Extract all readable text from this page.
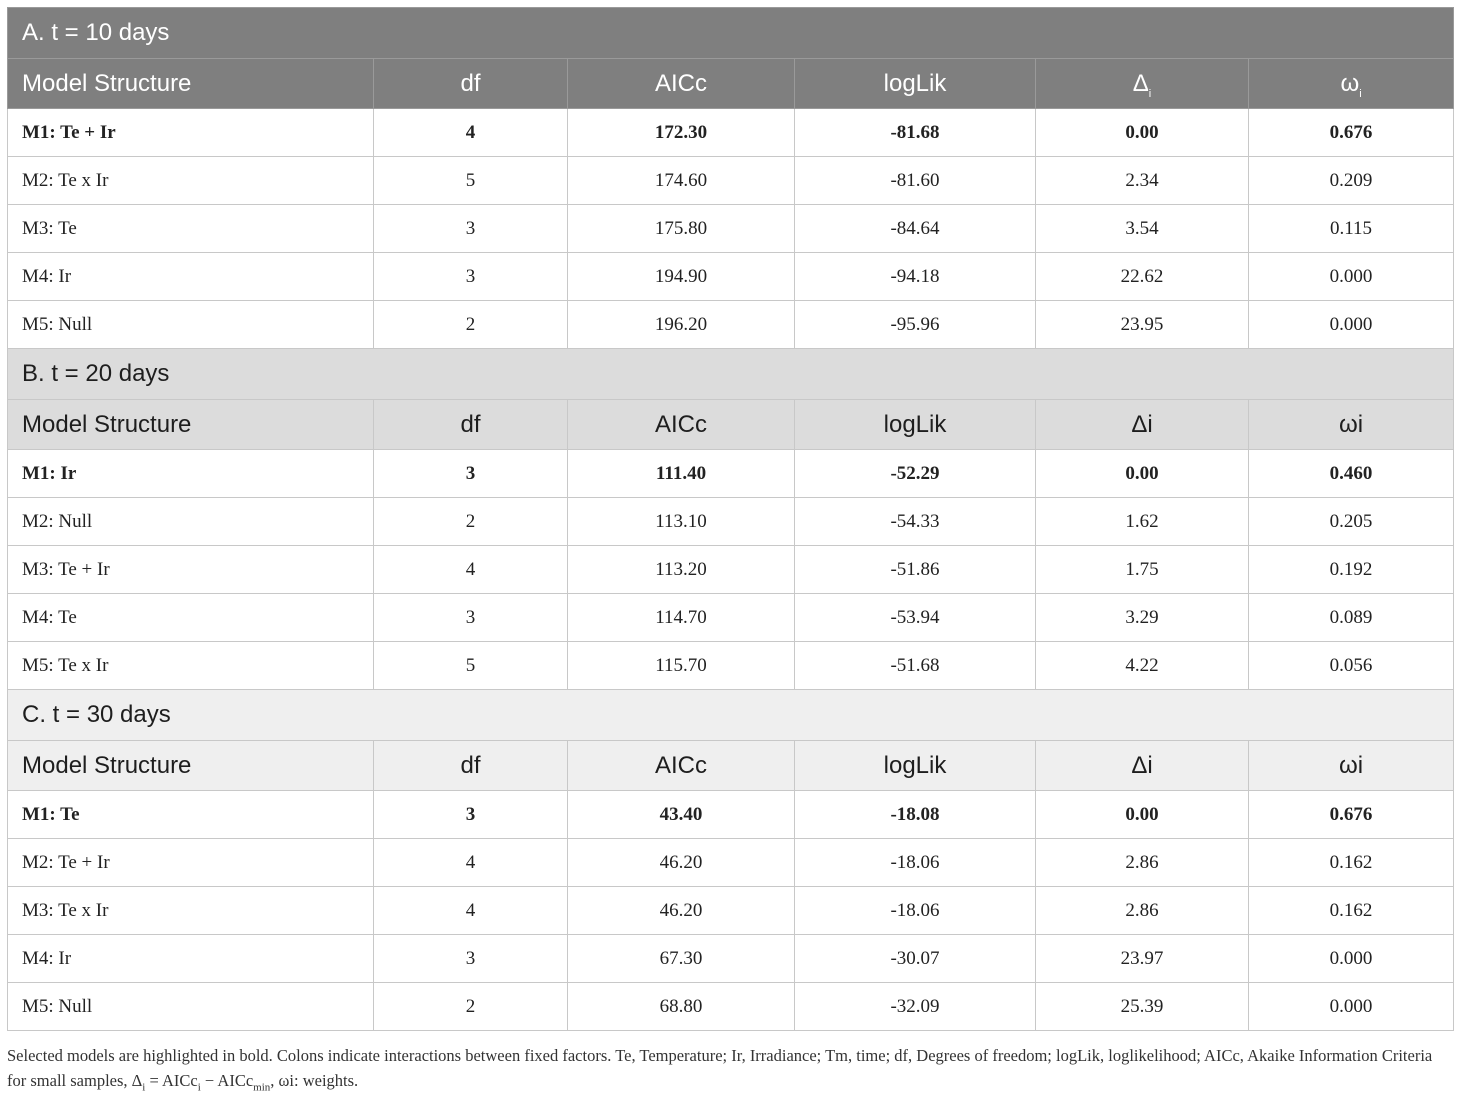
A. t = 10 days					
Model Structure	df	AICc	logLik	$\Delta_i$	$\omega_i$
M1: Te + Ir	4	172.30	-81.68	0.00	0.676
M2: Te x Ir	5	174.60	-81.60	2.34	0.209
M3: Te	3	175.80	-84.64	3.54	0.115
M4: Ir	3	194.90	-94.18	22.62	0.000
M5: Null	2	196.20	-95.96	23.95	0.000
B. t = 20 days					
Model Structure	df	AICc	logLik	Δi	ωi
M1: Ir	3	111.40	-52.29	0.00	0.460
M2: Null	2	113.10	-54.33	1.62	0.205
M3: Te + Ir	4	113.20	-51.86	1.75	0.192
M4: Te	3	114.70	-53.94	3.29	0.089
M5: Te x Ir	5	115.70	-51.68	4.22	0.056
C. t = 30 days					
Model Structure	df	AICc	logLik	Δi	ωi
M1: Te	3	43.40	-18.08	0.00	0.676
M2: Te + Ir	4	46.20	-18.06	2.86	0.162
M3: Te x Ir	4	46.20	-18.06	2.86	0.162
M4: Ir	3	67.30	-30.07	23.97	0.000
M5: Null	2	68.80	-32.09	25.39	0.000
Selected models are highlighted in bold. Colons indicate interactions between fixed factors. Te, Temperature; Ir, Irradiance; Tm, time; df, Degrees of freedom; logLik, loglikelihood; AICc, Akaike Information Criteria for small samples, $\Delta_i$ = AICc$_i$ − AICc$_{min}$, ωi: weights.
